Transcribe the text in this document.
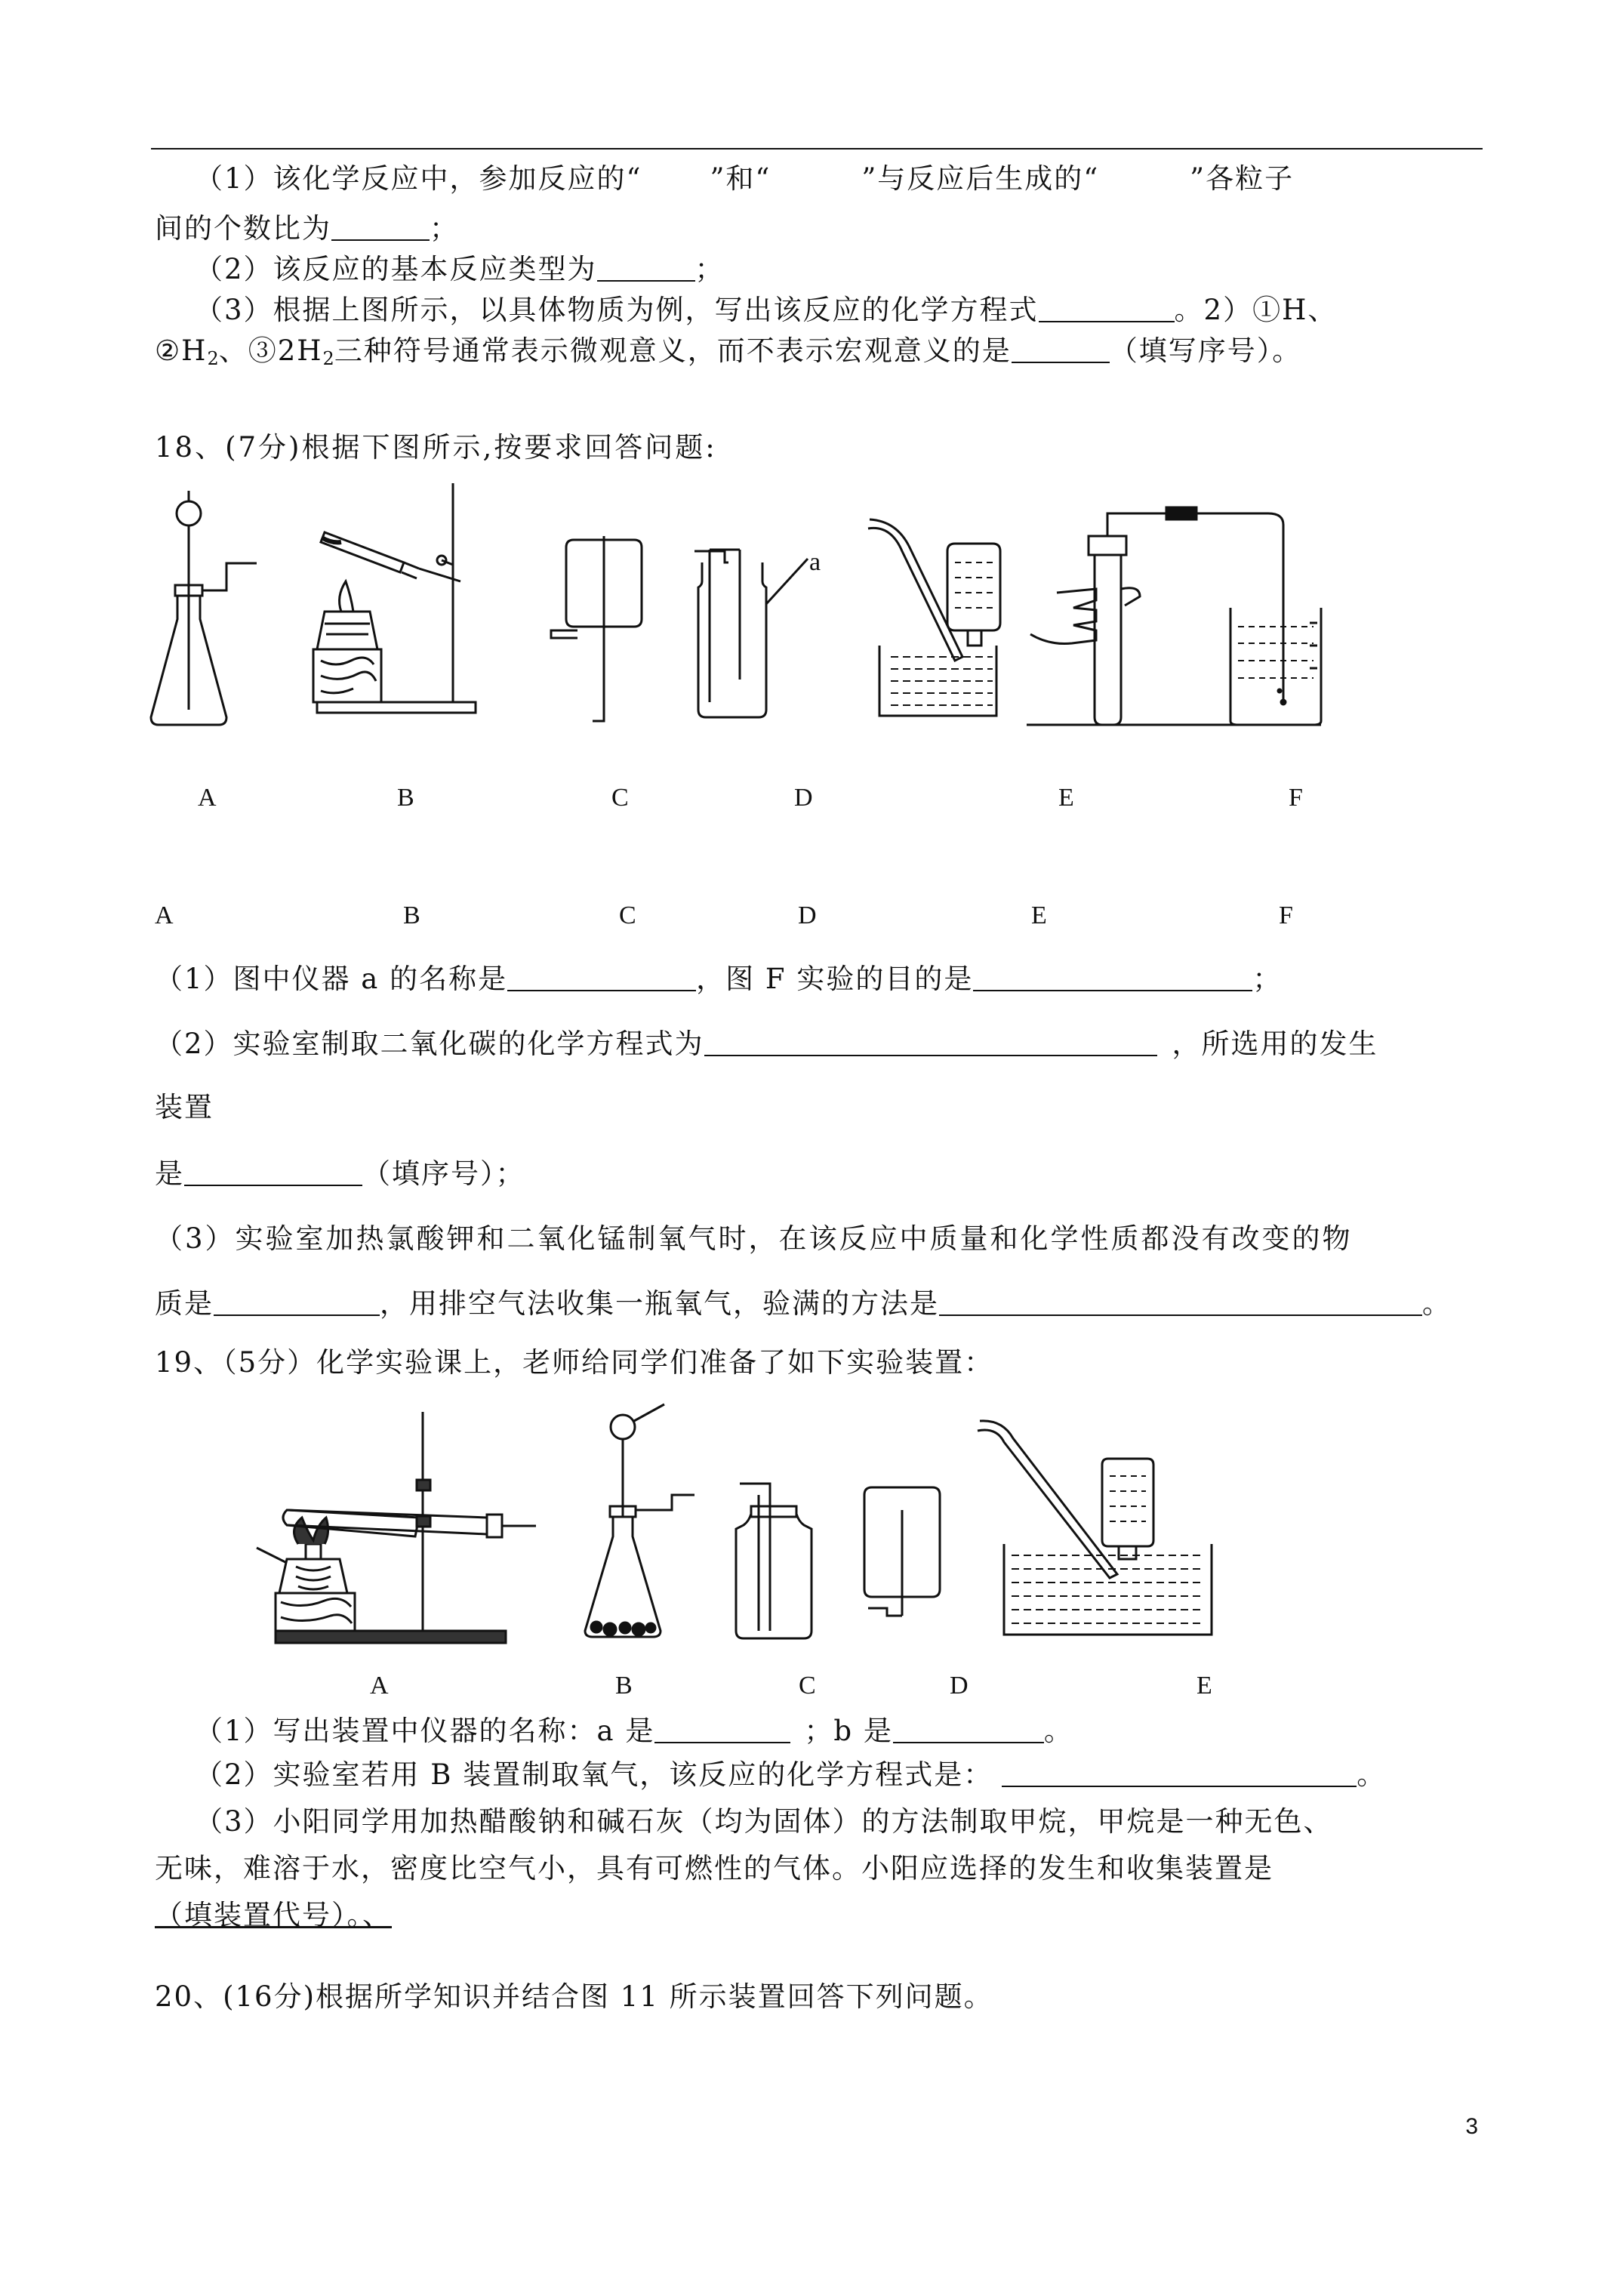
（1）该化学反应中，参加反应的“ ”和“	”与反应后生成的“	”各粒子
间的个数比为	；
（2）该反应的基本反应类型为	；
（3）根据上图所示，以具体物质为例，写出该反应的化学方程式	。2）①H、
$②H_2$、$③2H_2$三种符号通常表示微观意义，而不表示宏观意义的是	（填写序号）。
18、(7分)根据下图所示,按要求回答问题:
a
A	B	C	D	E	F
A	B	C	D	E	F
（1）图中仪器 a 的名称是	，图 F 实验的目的是	；
（2）实验室制取二氧化碳的化学方程式为	，所选用的发生
装置
是	（填序号）；
（3）实验室加热氯酸钾和二氧化锰制氧气时，在该反应中质量和化学性质都没有改变的物
质是	，用排空气法收集一瓶氧气，验满的方法是	。
19、（5分）化学实验课上，老师给同学们准备了如下实验装置：
A	B	C	D	E
（1）写出装置中仪器的名称：a 是	；b 是	。
（2）实验室若用 B 装置制取氧气，该反应的化学方程式是：	。
（3）小阳同学用加热醋酸钠和碱石灰（均为固体）的方法制取甲烷，甲烷是一种无色、
无味，难溶于水，密度比空气小，具有可燃性的气体。小阳应选择的发生和收集装置是
（填装置代号）。、
20、(16分)根据所学知识并结合图 11 所示装置回答下列问题。
3
